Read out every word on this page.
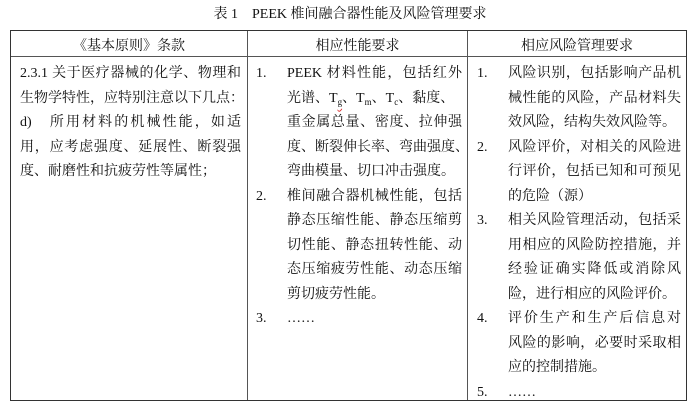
表 1　PEEK 椎间融合器性能及风险管理要求
《基本原则》条款	相应性能要求	相应风险管理要求
2.3.1 关于医疗器械的化学、物理和
生物学特性，应特别注意以下几点：
d)　所用材料的机械性能，如适
用，应考虑强度、延展性、断裂强
度、耐磨性和抗疲劳性等属性；
1. PEEK 材料性能，包括红外
光谱、$T_g$、$T_m$、$T_c$、黏度、
重金属总量、密度、拉伸强
度、断裂伸长率、弯曲强度、
弯曲模量、切口冲击强度。
2. 椎间融合器机械性能，包括
静态压缩性能、静态压缩剪
切性能、静态扭转性能、动
态压缩疲劳性能、动态压缩
剪切疲劳性能。
3. ……
1. 风险识别，包括影响产品机
械性能的风险，产品材料失
效风险，结构失效风险等。
2. 风险评价，对相关的风险进
行评价，包括已知和可预见
的危险（源）
3. 相关风险管理活动，包括采
用相应的风险防控措施，并
经验证确实降低或消除风
险，进行相应的风险评价。
4. 评价生产和生产后信息对
风险的影响，必要时采取相
应的控制措施。
5. ……
